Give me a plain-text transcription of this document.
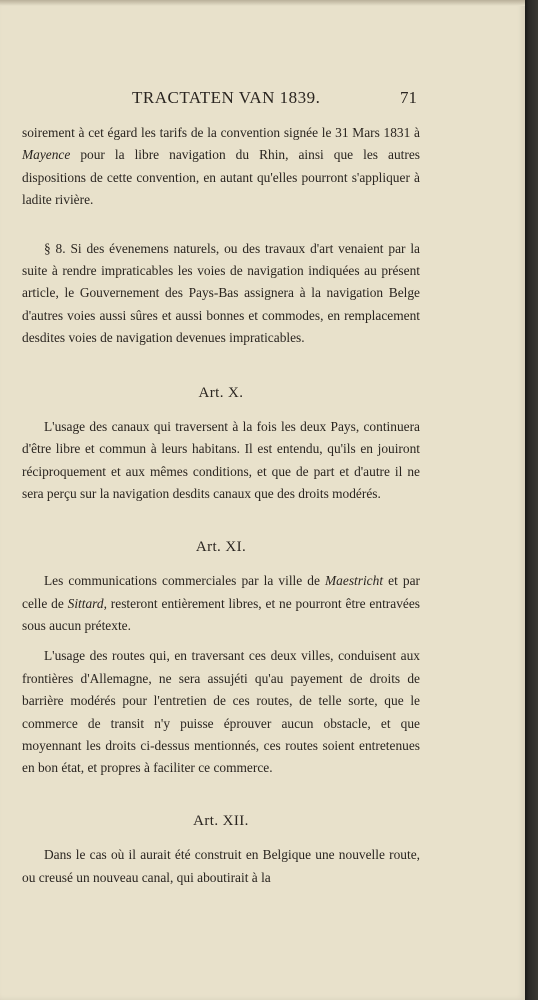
TRACTATEN VAN 1839.	71

soirement à cet égard les tarifs de la convention signée le 31 Mars 1831 à Mayence pour la libre navigation du Rhin, ainsi que les autres dispositions de cette convention, en autant qu'elles pourront s'appliquer à ladite rivière.

§ 8. Si des évenemens naturels, ou des travaux d'art venaient par la suite à rendre impraticables les voies de navigation indiquées au présent article, le Gouvernement des Pays-Bas assignera à la navigation Belge d'autres voies aussi sûres et aussi bonnes et commodes, en remplacement desdites voies de navigation devenues impraticables.

Art. X.

L'usage des canaux qui traversent à la fois les deux Pays, continuera d'être libre et commun à leurs habitans. Il est entendu, qu'ils en jouiront réciproquement et aux mêmes conditions, et que de part et d'autre il ne sera perçu sur la navigation desdits canaux que des droits modérés.

Art. XI.

Les communications commerciales par la ville de Maestricht et par celle de Sittard, resteront entièrement libres, et ne pourront être entravées sous aucun prétexte.

L'usage des routes qui, en traversant ces deux villes, conduisent aux frontières d'Allemagne, ne sera assujéti qu'au payement de droits de barrière modérés pour l'entretien de ces routes, de telle sorte, que le commerce de transit n'y puisse éprouver aucun obstacle, et que moyennant les droits ci-dessus mentionnés, ces routes soient entretenues en bon état, et propres à faciliter ce commerce.

Art. XII.

Dans le cas où il aurait été construit en Belgique une nouvelle route, ou creusé un nouveau canal, qui aboutirait à la
